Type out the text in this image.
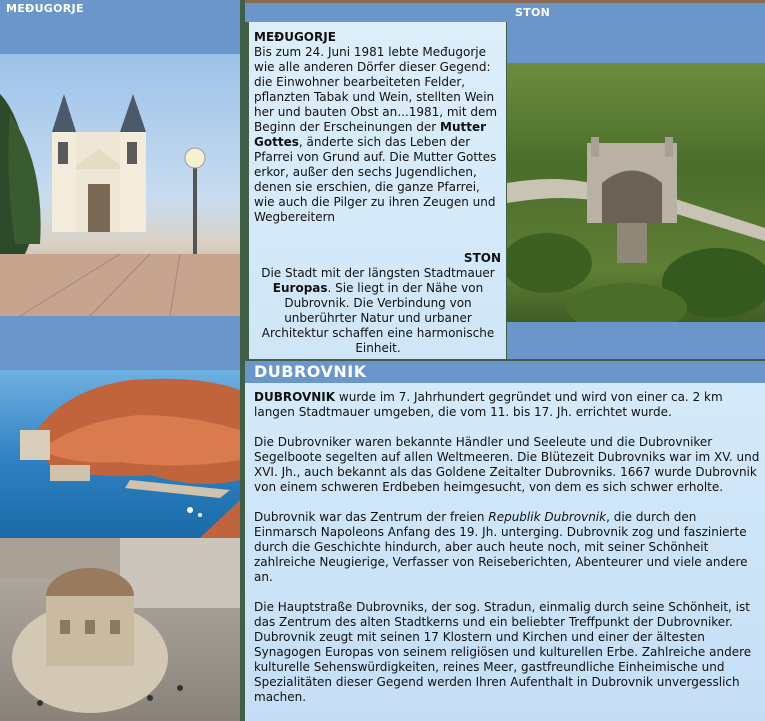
MEĐUGORJE	STON
MEĐUGORJE
Bis zum 24. Juni 1981 lebte Međugorje wie alle anderen Dörfer dieser Gegend: die Einwohner bearbeiteten Felder, pflanzten Tabak und Wein, stellten Wein her und bauten Obst an...1981, mit dem Beginn der Erscheinungen der Mutter Gottes, änderte sich das Leben der Pfarrei von Grund auf. Die Mutter Gottes erkor, außer den sechs Jugendlichen, denen sie erschien, die ganze Pfarrei, wie auch die Pilger zu ihren Zeugen und Wegbereitern
STON
Die Stadt mit der längsten Stadtmauer Europas. Sie liegt in der Nähe von Dubrovnik. Die Verbindung von unberührter Natur und urbaner Architektur schaffen eine harmonische Einheit.
DUBROVNIK

DUBROVNIK wurde im 7. Jahrhundert gegründet und wird von einer ca. 2 km langen Stadtmauer umgeben, die vom 11. bis 17. Jh. errichtet wurde.

Die Dubrovniker waren bekannte Händler und Seeleute und die Dubrovniker Segelboote segelten auf allen Weltmeeren. Die Blütezeit Dubrovniks war im XV. und XVI. Jh., auch bekannt als das Goldene Zeitalter Dubrovniks. 1667 wurde Dubrovnik von einem schweren Erdbeben heimgesucht, von dem es sich schwer erholte.

Dubrovnik war das Zentrum der freien Republik Dubrovnik, die durch den Einmarsch Napoleons Anfang des 19. Jh. unterging. Dubrovnik zog und faszinierte durch die Geschichte hindurch, aber auch heute noch, mit seiner Schönheit zahlreiche Neugierige, Verfasser von Reiseberichten, Abenteurer und viele andere an.

Die Hauptstraße Dubrovniks, der sog. Stradun, einmalig durch seine Schönheit, ist das Zentrum des alten Stadtkerns und ein beliebter Treffpunkt der Dubrovniker. Dubrovnik zeugt mit seinen 17 Klostern und Kirchen und einer der ältesten Synagogen Europas von seinem religiösen und kulturellen Erbe. Zahlreiche andere kulturelle Sehenswürdigkeiten, reines Meer, gastfreundliche Einheimische und Spezialitäten dieser Gegend werden Ihren Aufenthalt in Dubrovnik unvergesslich machen.
